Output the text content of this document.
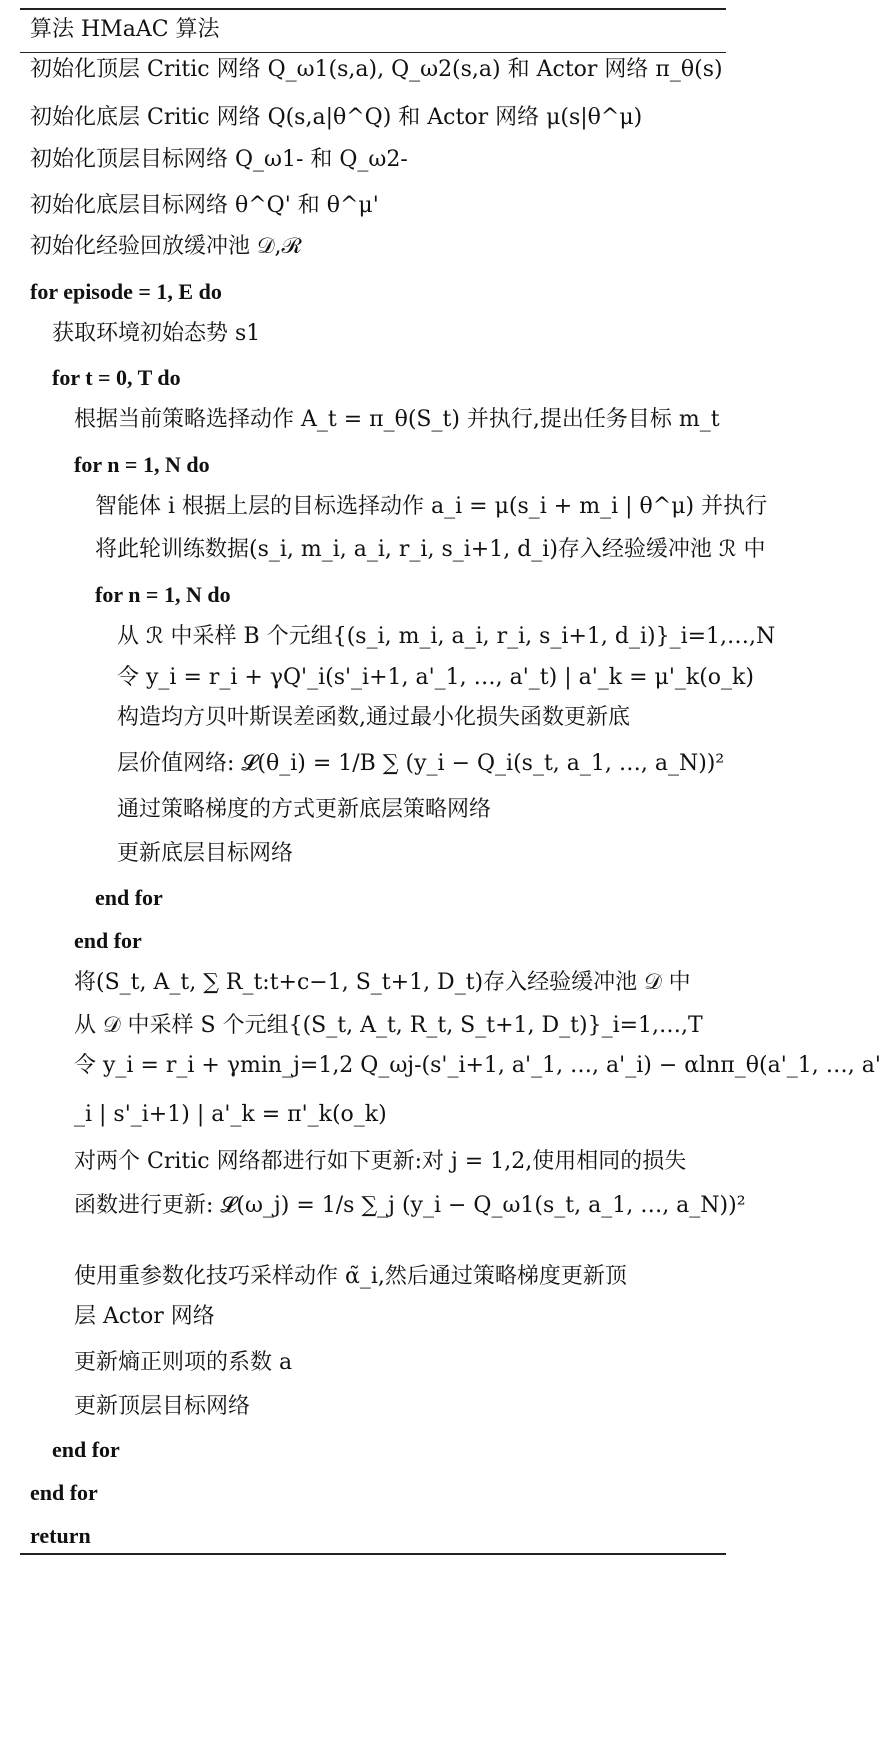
算法 HMaAC 算法
初始化顶层 Critic 网络 Q_ω1(s,a), Q_ω2(s,a) 和 Actor 网络 π_θ(s)
初始化底层 Critic 网络 Q(s,a|θ^Q) 和 Actor 网络 μ(s|θ^μ)
初始化顶层目标网络 Q_ω1- 和 Q_ω2-
初始化底层目标网络 θ^Q' 和 θ^μ'
初始化经验回放缓冲池 𝒟,ℛ
for episode = 1, E do
获取环境初始态势 s1
for t = 0, T do
根据当前策略选择动作 A_t = π_θ(S_t) 并执行,提出任务目标 m_t
for n = 1, N do
智能体 i 根据上层的目标选择动作 a_i = μ(s_i + m_i | θ^μ) 并执行
将此轮训练数据(s_i, m_i, a_i, r_i, s_i+1, d_i)存入经验缓冲池 ℛ 中
for n = 1, N do
从 ℛ 中采样 B 个元组{(s_i, m_i, a_i, r_i, s_i+1, d_i)}_i=1,…,N
令 y_i = r_i + γQ'_i(s'_i+1, a'_1, …, a'_t) | a'_k = μ'_k(o_k)
构造均方贝叶斯误差函数,通过最小化损失函数更新底
层价值网络: 𝓛(θ_i) = 1/B ∑ (y_i − Q_i(s_t, a_1, …, a_N))²
通过策略梯度的方式更新底层策略网络
更新底层目标网络
end for
end for
将(S_t, A_t, ∑ R_t:t+c−1, S_t+1, D_t)存入经验缓冲池 𝒟 中
从 𝒟 中采样 S 个元组{(S_t, A_t, R_t, S_t+1, D_t)}_i=1,…,T
令 y_i = r_i + γmin_j=1,2 Q_ωj-(s'_i+1, a'_1, …, a'_i) − αlnπ_θ(a'_1, …, a'
_i | s'_i+1) | a'_k = π'_k(o_k)
对两个 Critic 网络都进行如下更新:对 j = 1,2,使用相同的损失
函数进行更新: 𝓛(ω_j) = 1/s ∑_j (y_i − Q_ω1(s_t, a_1, …, a_N))²
使用重参数化技巧采样动作 α̃_i,然后通过策略梯度更新顶
层 Actor 网络
更新熵正则项的系数 a
更新顶层目标网络
end for
end for
return
